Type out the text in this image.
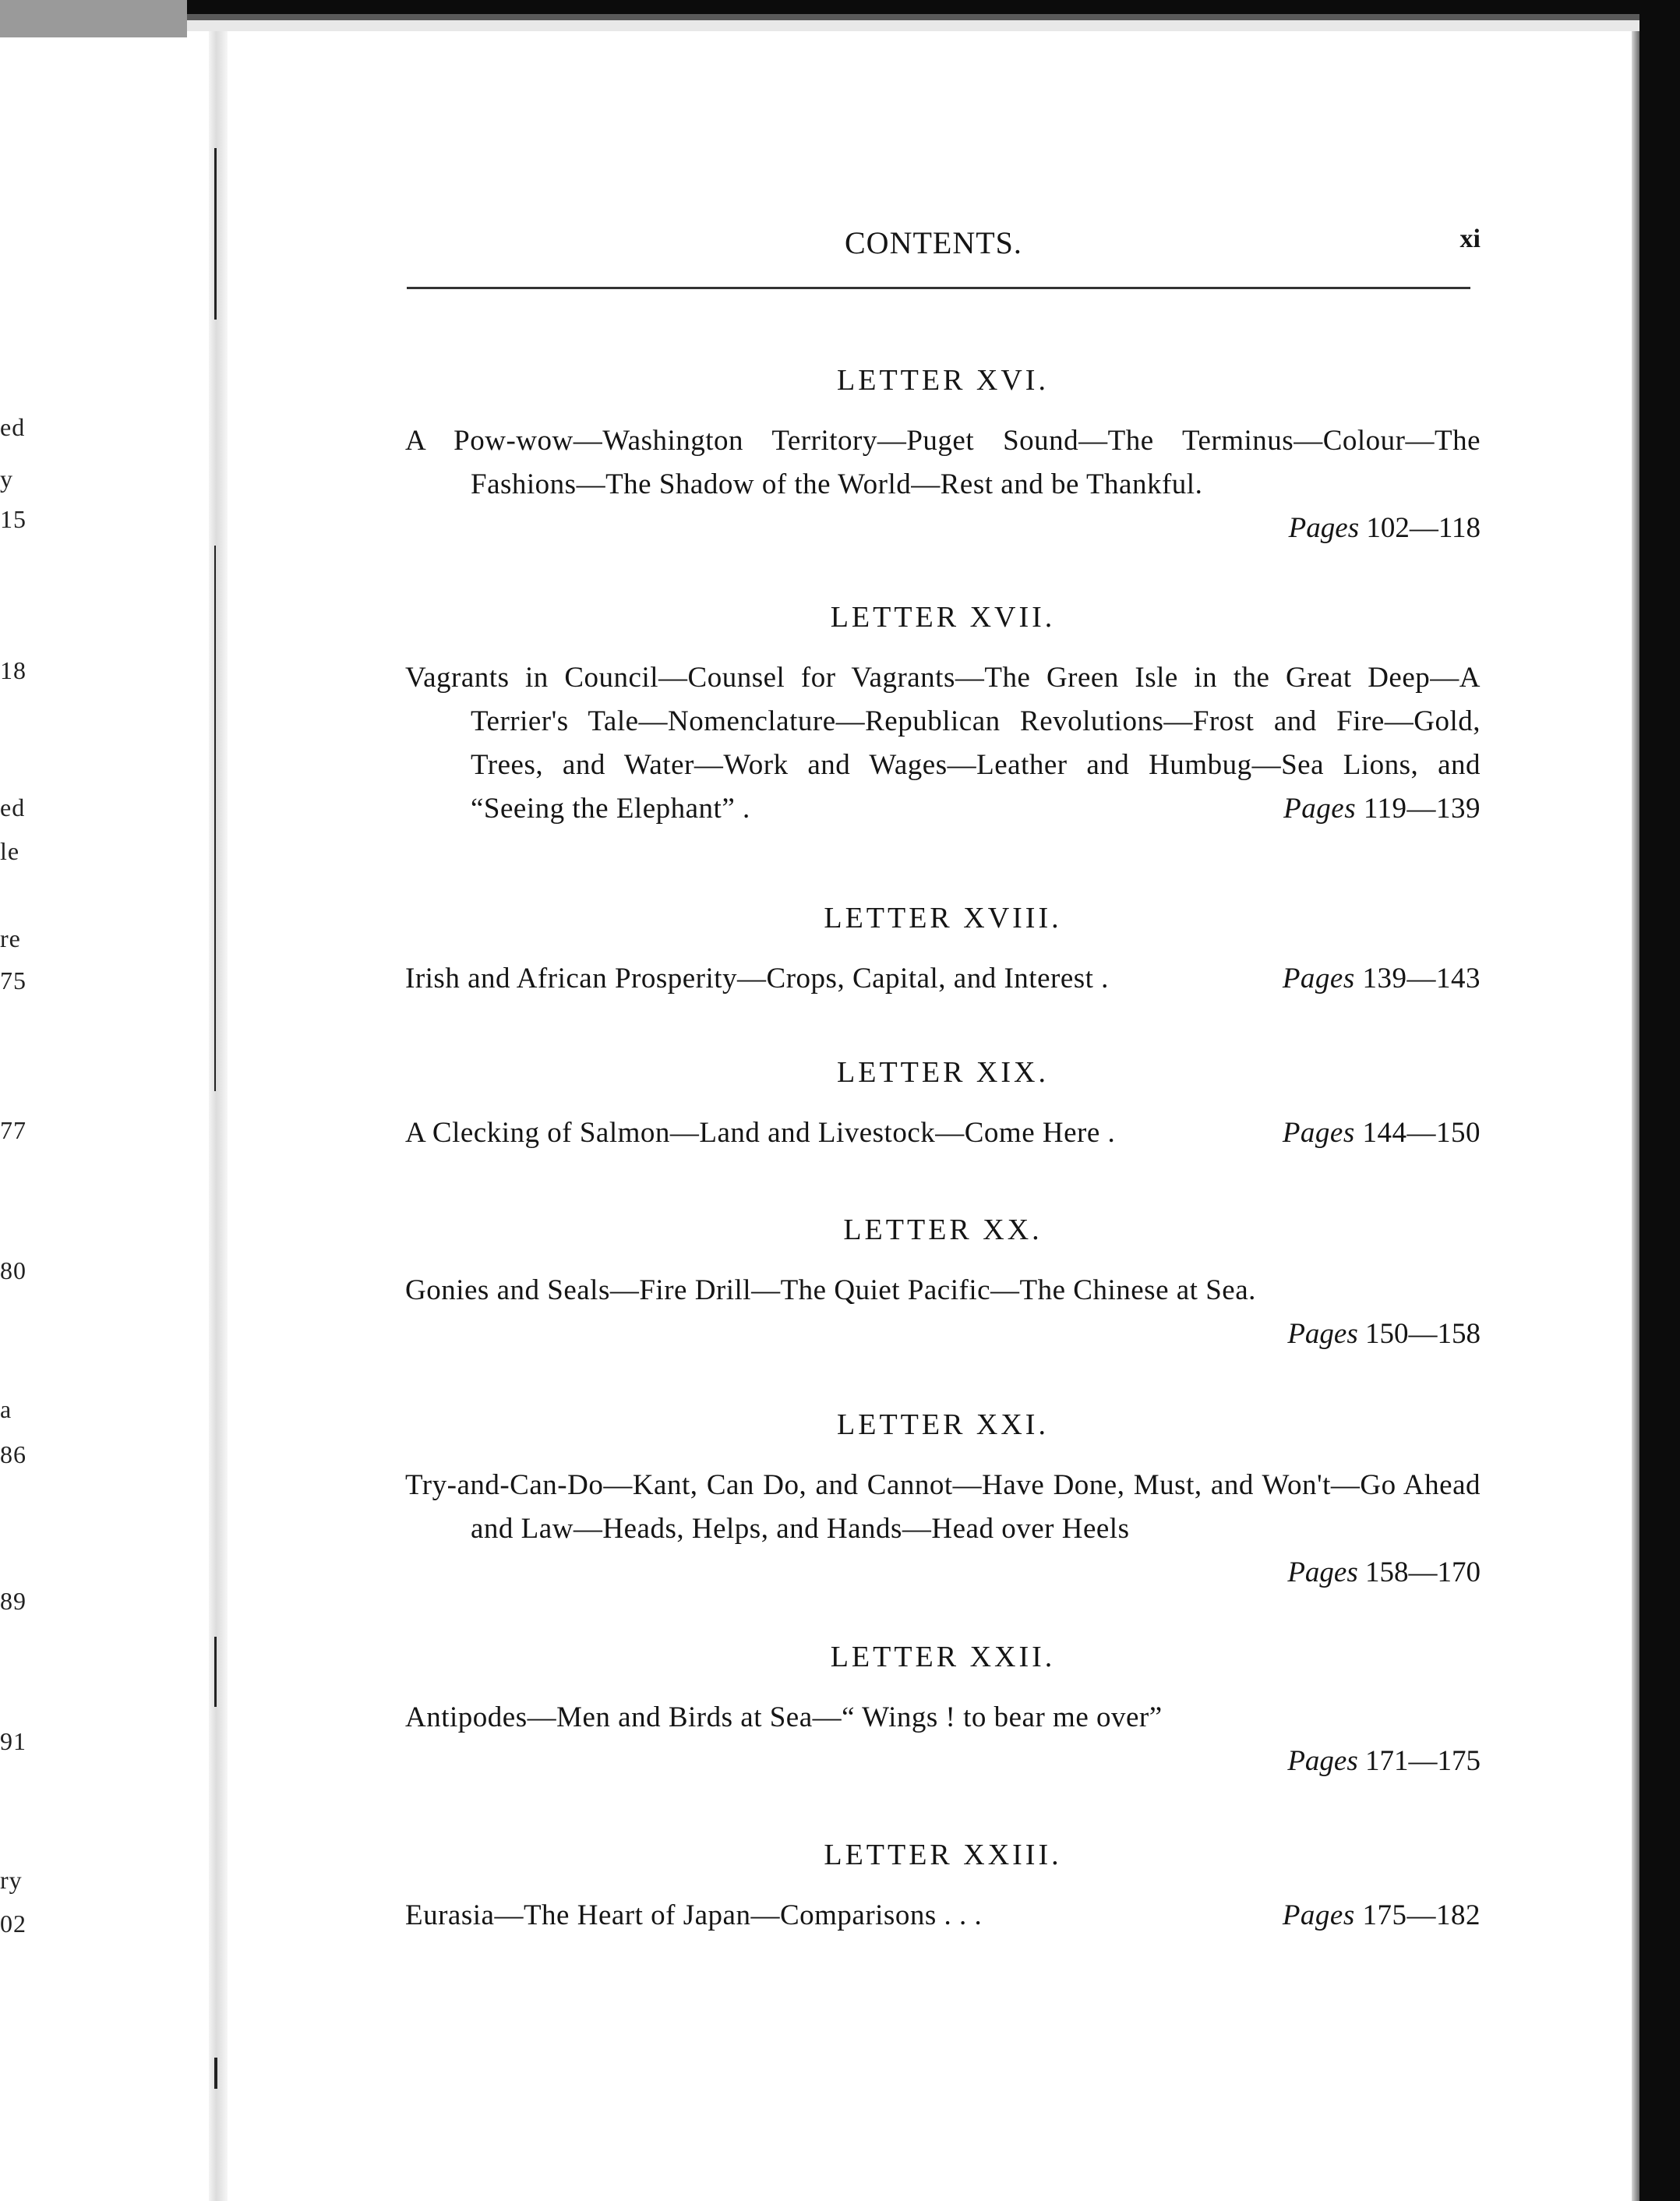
ed
y
15
18
ed
le
re
75
77
80
a
86
89
91
ry
02
CONTENTS.	xi
LETTER XVI.

A Pow-wow—Washington Territory—Puget Sound—The Terminus—Colour—The Fashions—The Shadow of the World—Rest and be Thankful.

Pages 102—118
LETTER XVII.

Vagrants in Council—Counsel for Vagrants—The Green Isle in the Great Deep—A Terrier's Tale—Nomenclature—Republican Revolutions—Frost and Fire—Gold, Trees, and Water—Work and Wages—Leather and Humbug—Sea Lions, and “Seeing the Elephant” .	Pages 119—139

LETTER XVIII.

Irish and African Prosperity—Crops, Capital, and Interest .	Pages 139—143

LETTER XIX.

A Clecking of Salmon—Land and Livestock—Come Here .	Pages 144—150

LETTER XX.

Gonies and Seals—Fire Drill—The Quiet Pacific—The Chinese at Sea.

Pages 150—158
LETTER XXI.

Try-and-Can-Do—Kant, Can Do, and Cannot—Have Done, Must, and Won't—Go Ahead and Law—Heads, Helps, and Hands—Head over Heels

Pages 158—170
LETTER XXII.

Antipodes—Men and Birds at Sea—“ Wings ! to bear me over”

Pages 171—175
LETTER XXIII.

Eurasia—The Heart of Japan—Comparisons . . .	Pages 175—182
